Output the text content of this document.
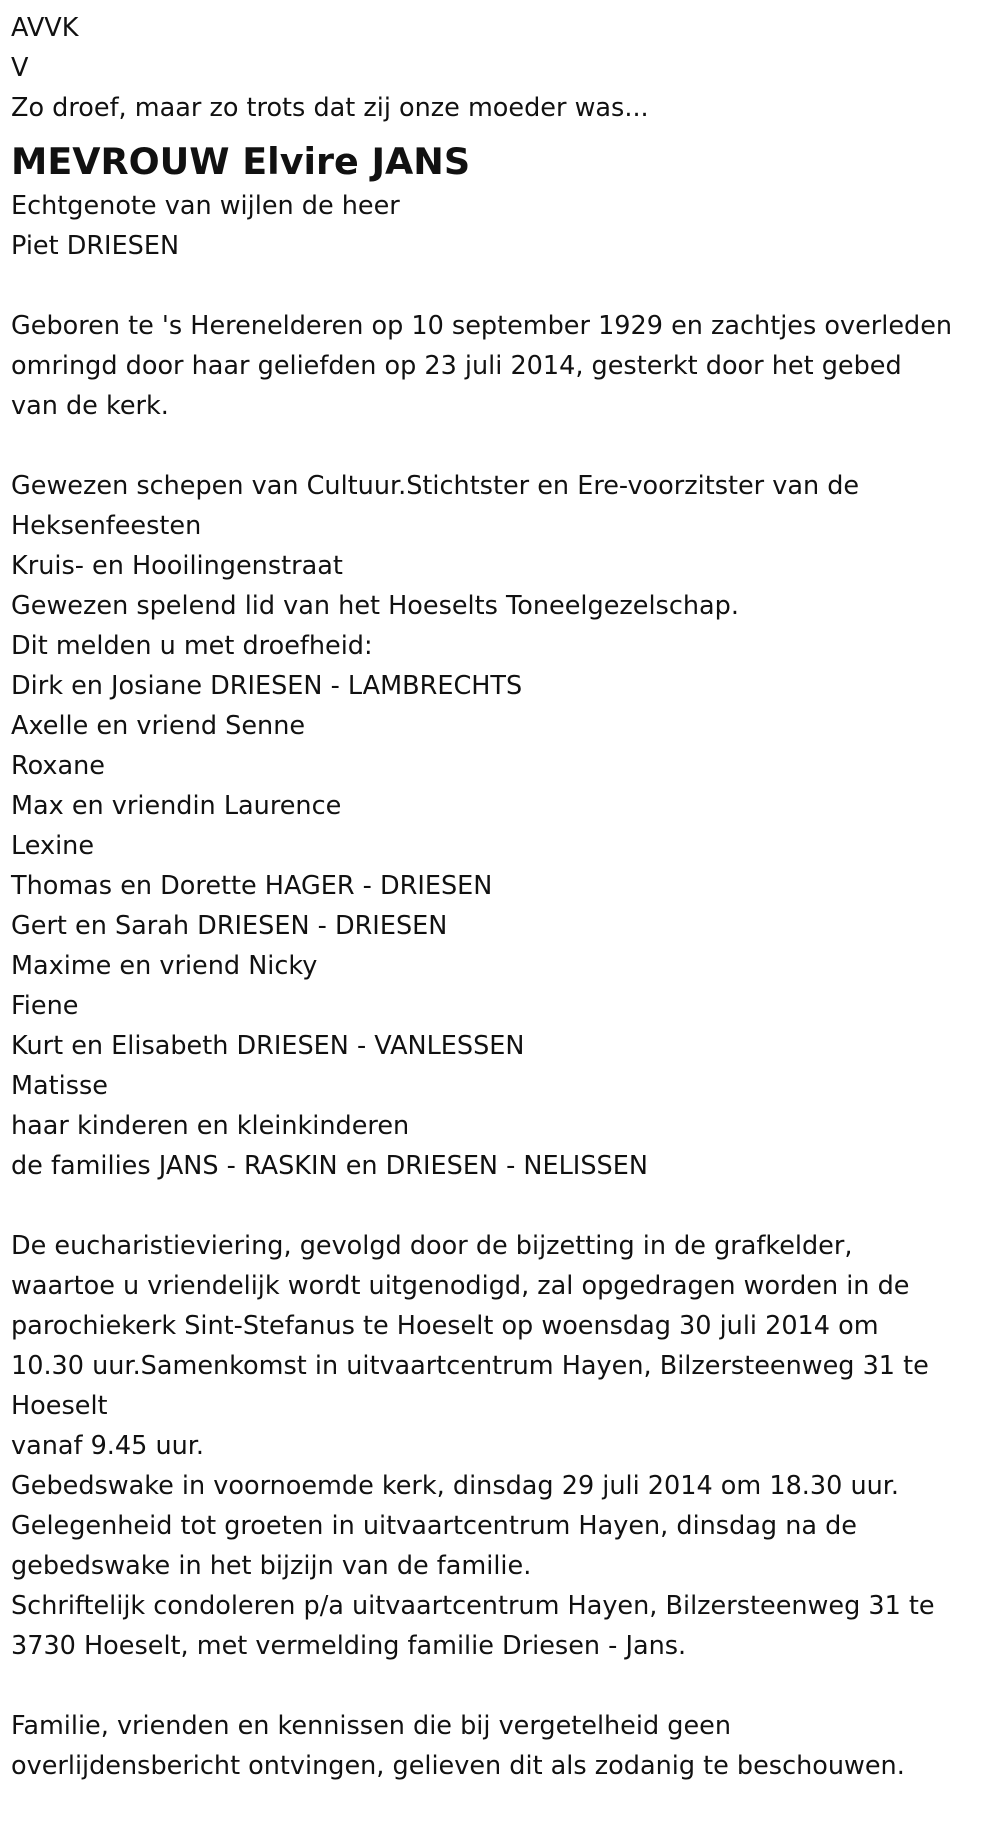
AVVK

V

Zo droef, maar zo trots dat zij onze moeder was...

MEVROUW Elvire JANS

Echtgenote van wijlen de heer

Piet DRIESEN

Geboren te 's Herenelderen op 10 september 1929 en zachtjes overleden

omringd door haar geliefden op 23 juli 2014, gesterkt door het gebed

van de kerk.

Gewezen schepen van Cultuur.Stichtster en Ere-voorzitster van de

Heksenfeesten

Kruis- en Hooilingenstraat

Gewezen spelend lid van het Hoeselts Toneelgezelschap.

Dit melden u met droefheid:

Dirk en Josiane DRIESEN - LAMBRECHTS

Axelle en vriend Senne

Roxane

Max en vriendin Laurence

Lexine

Thomas en Dorette HAGER - DRIESEN

Gert en Sarah DRIESEN - DRIESEN

Maxime en vriend Nicky

Fiene

Kurt en Elisabeth DRIESEN - VANLESSEN

Matisse

haar kinderen en kleinkinderen

de families JANS - RASKIN en DRIESEN - NELISSEN

De eucharistieviering, gevolgd door de bijzetting in de grafkelder,

waartoe u vriendelijk wordt uitgenodigd, zal opgedragen worden in de

parochiekerk Sint-Stefanus te Hoeselt op woensdag 30 juli 2014 om

10.30 uur.Samenkomst in uitvaartcentrum Hayen, Bilzersteenweg 31 te

Hoeselt

vanaf 9.45 uur.

Gebedswake in voornoemde kerk, dinsdag 29 juli 2014 om 18.30 uur.

Gelegenheid tot groeten in uitvaartcentrum Hayen, dinsdag na de

gebedswake in het bijzijn van de familie.

Schriftelijk condoleren p/a uitvaartcentrum Hayen, Bilzersteenweg 31 te

3730 Hoeselt, met vermelding familie Driesen - Jans.

Familie, vrienden en kennissen die bij vergetelheid geen

overlijdensbericht ontvingen, gelieven dit als zodanig te beschouwen.
